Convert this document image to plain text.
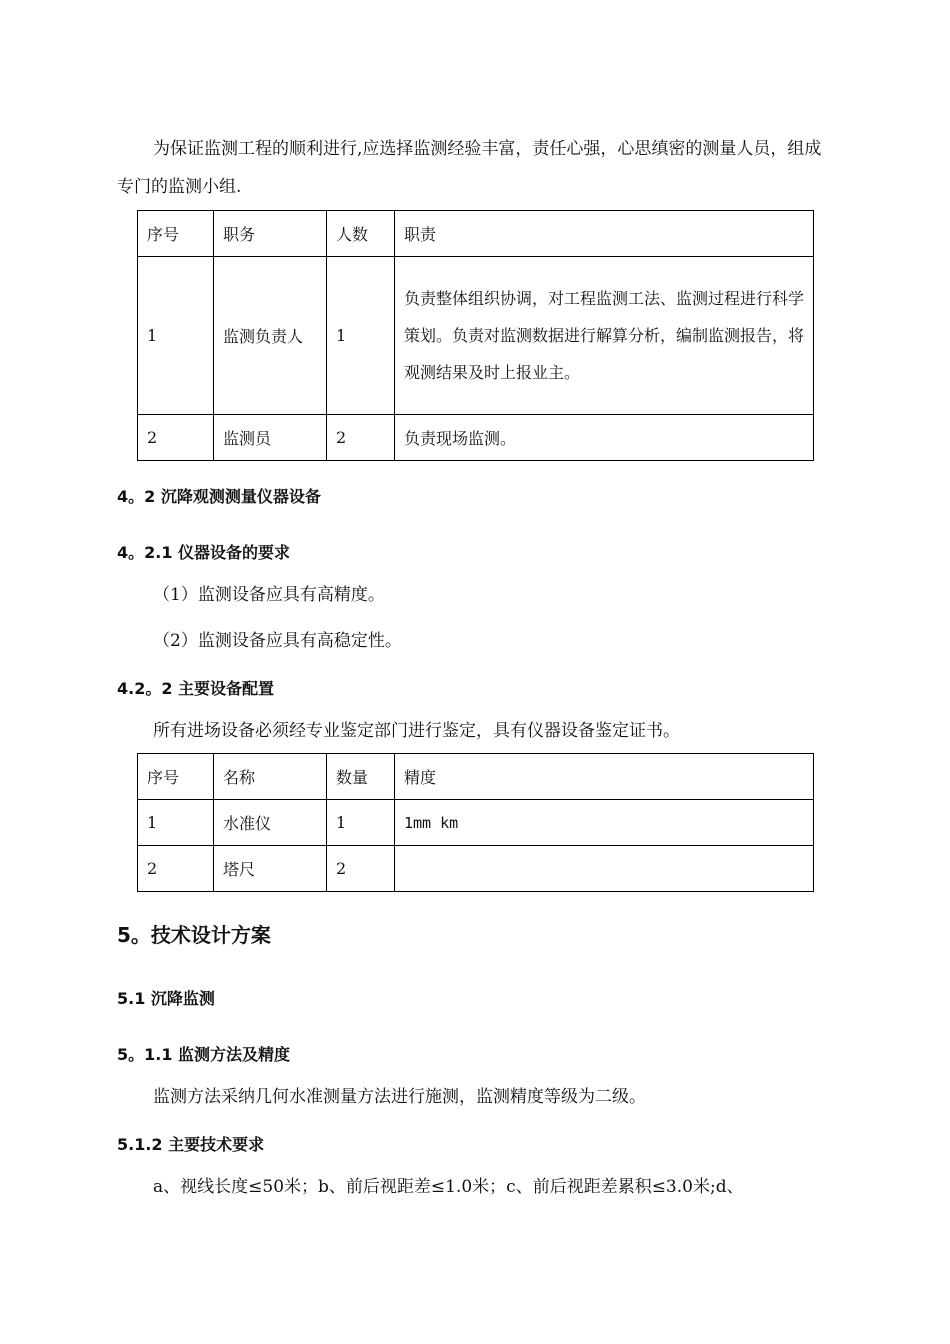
为保证监测工程的顺利进行,应选择监测经验丰富，责任心强，心思缜密的测量人员，组成专门的监测小组.
序号	职务	人数	职责
1	监测负责人	1	负责整体组织协调，对工程监测工法、监测过程进行科学策划。负责对监测数据进行解算分析，编制监测报告，将观测结果及时上报业主。
2	监测员	2	负责现场监测。
4。2 沉降观测测量仪器设备
4。2.1 仪器设备的要求
（1）监测设备应具有高精度。
（2）监测设备应具有高稳定性。
4.2。2 主要设备配置
所有进场设备必须经专业鉴定部门进行鉴定，具有仪器设备鉴定证书。
序号	名称	数量	精度
1	水准仪	1	1mm km
2	塔尺	2	
5。技术设计方案
5.1 沉降监测
5。1.1 监测方法及精度
监测方法采纳几何水准测量方法进行施测，监测精度等级为二级。
5.1.2 主要技术要求
a、视线长度≤50米；b、前后视距差≤1.0米；c、前后视距差累积≤3.0米;d、
